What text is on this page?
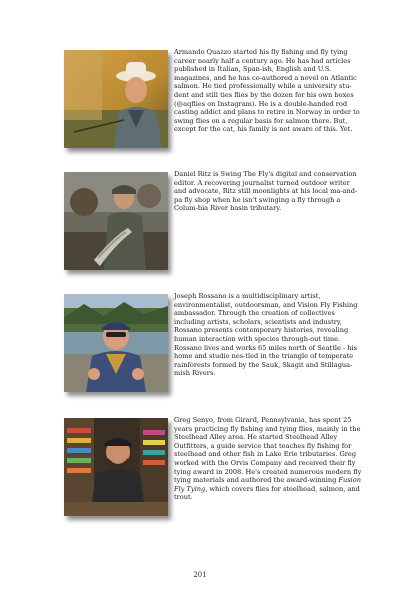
Armando Quazzo started his fly fishing and fly tying career nearly half a century ago. He has had articles published in Italian, Span-ish, English and U.S. magazines, and he has co-authored a novel on Atlantic salmon. He tied professionally while a university stu-dent and still ties flies by the dozen for his own boxes (@aqflies on Instagram). He is a double-handed rod casting addict and plans to retire in Norway in order to swing flies on a regular basis for salmon there. But, except for the cat, his family is not aware of this. Yet.

Daniel Ritz is Swing The Fly's digital and conservation editor. A recovering journalist turned outdoor writer and advocate, Ritz still moonlights at his local ma-and-pa fly shop when he isn't swinging a fly through a Colum-bia River basin tributary.

Joseph Rossano is a multidisciplinary artist, environmentalist, outdoorsman, and Vision Fly Fishing ambassador. Through the creation of collectives including artists, scholars, scientists and industry, Rossano presents contemporary histories, revealing human interaction with species through-out time. Rossano lives and works 65 miles north of Seattle - his home and studio nes-tled in the triangle of temperate rainforests formed by the Sauk, Skagit and Stillagua-mish Rivers.

Greg Senyo, from Girard, Pennsylvania, has spent 25 years practicing fly fishing and tying flies, mainly in the Steelhead Alley area. He started Steelhead Alley Outfitters, a guide service that teaches fly fishing for steelhead and other fish in Lake Erie tributaries. Greg worked with the Orvis Company and received their fly tying award in 2008. He's created numerous modern fly tying materials and authored the award-winning Fusion Fly Tying, which covers flies for steelhead, salmon, and trout.

201
